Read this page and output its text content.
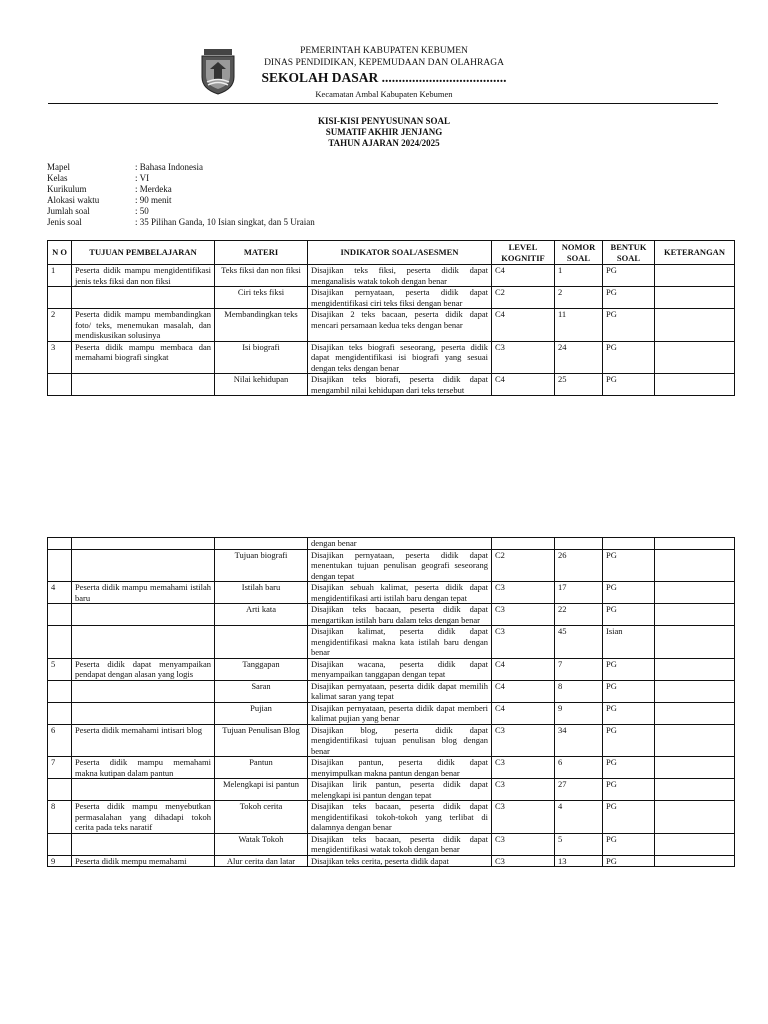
PEMERINTAH KABUPATEN KEBUMEN
DINAS PENDIDIKAN, KEPEMUDAAN DAN OLAHRAGA
SEKOLAH DASAR .....................................
Kecamatan Ambal Kabupaten Kebumen
KISI-KISI PENYUSUNAN SOAL
SUMATIF AKHIR JENJANG
TAHUN AJARAN 2024/2025
Mapel	: Bahasa Indonesia
Kelas	: VI
Kurikulum	: Merdeka
Alokasi waktu	: 90 menit
Jumlah soal	: 50
Jenis soal	: 35 Pilihan Ganda, 10 Isian singkat, dan 5 Uraian
N O	TUJUAN PEMBELAJARAN	MATERI	INDIKATOR SOAL/ASESMEN	LEVEL KOGNITIF	NOMOR SOAL	BENTUK SOAL	KETERANGAN
1	Peserta didik mampu mengidentifikasi jenis teks fiksi dan non fiksi	Teks fiksi dan non fiksi	Disajikan teks fiksi, peserta didik dapat menganalisis watak tokoh dengan benar	C4	1	PG	
		Ciri teks fiksi	Disajikan pernyataan, peserta didik dapat mengidentifikasi ciri teks fiksi dengan benar	C2	2	PG	
2	Peserta didik mampu membandingkan foto/ teks, menemukan masalah, dan mendiskusikan solusinya	Membandingkan teks	Disajikan 2 teks bacaan, peserta didik dapat mencari persamaan kedua teks dengan benar	C4	11	PG	
3	Peserta didik mampu membaca dan memahami biografi singkat	Isi biografi	Disajikan teks biografi seseorang, peserta didik dapat mengidentifikasi isi biografi yang sesuai dengan teks dengan benar	C3	24	PG	
		Nilai kehidupan	Disajikan teks biorafi, peserta didik dapat mengambil nilai kehidupan dari teks tersebut	C4	25	PG	
			dengan benar				
		Tujuan biografi	Disajikan pernyataan, peserta didik dapat menentukan tujuan penulisan geografi seseorang dengan tepat	C2	26	PG	
4	Peserta didik mampu memahami istilah baru	Istilah baru	Disajikan sebuah kalimat, peserta didik dapat mengidentifikasi arti istilah baru dengan tepat	C3	17	PG	
		Arti kata	Disajikan teks bacaan, peserta didik dapat mengartikan istilah baru dalam teks dengan benar	C3	22	PG	
			Disajikan kalimat, peserta didik dapat mengidentifikasi makna kata istilah baru dengan benar	C3	45	Isian	
5	Peserta didik dapat menyampaikan pendapat dengan alasan yang logis	Tanggapan	Disajikan wacana, peserta didik dapat menyampaikan tanggapan dengan tepat	C4	7	PG	
		Saran	Disajikan pernyataan, peserta didik dapat memilih kalimat saran yang tepat	C4	8	PG	
		Pujian	Disajikan pernyataan, peserta didik dapat memberi kalimat pujian yang benar	C4	9	PG	
6	Peserta didik memahami intisari blog	Tujuan Penulisan Blog	Disajikan blog, peserta didik dapat mengidentifikasi tujuan penulisan blog dengan benar	C3	34	PG	
7	Peserta didik mampu memahami makna kutipan dalam pantun	Pantun	Disajikan pantun, peserta didik dapat menyimpulkan makna pantun dengan benar	C3	6	PG	
		Melengkapi isi pantun	Disajikan lirik pantun, peserta didik dapat melengkapi isi pantun dengan tepat	C3	27	PG	
8	Peserta didik mampu menyebutkan permasalahan yang dihadapi tokoh cerita pada teks naratif	Tokoh cerita	Disajikan teks bacaan, peserta didik dapat mengidentifikasi tokoh-tokoh yang terlibat di dalamnya dengan benar	C3	4	PG	
		Watak Tokoh	Disajikan teks bacaan, peserta didik dapat mengidentifikasi watak tokoh dengan benar	C3	5	PG	
9	Peserta didik mempu memahami	Alur cerita dan latar	Disajikan teks cerita, peserta didik dapat	C3	13	PG	
